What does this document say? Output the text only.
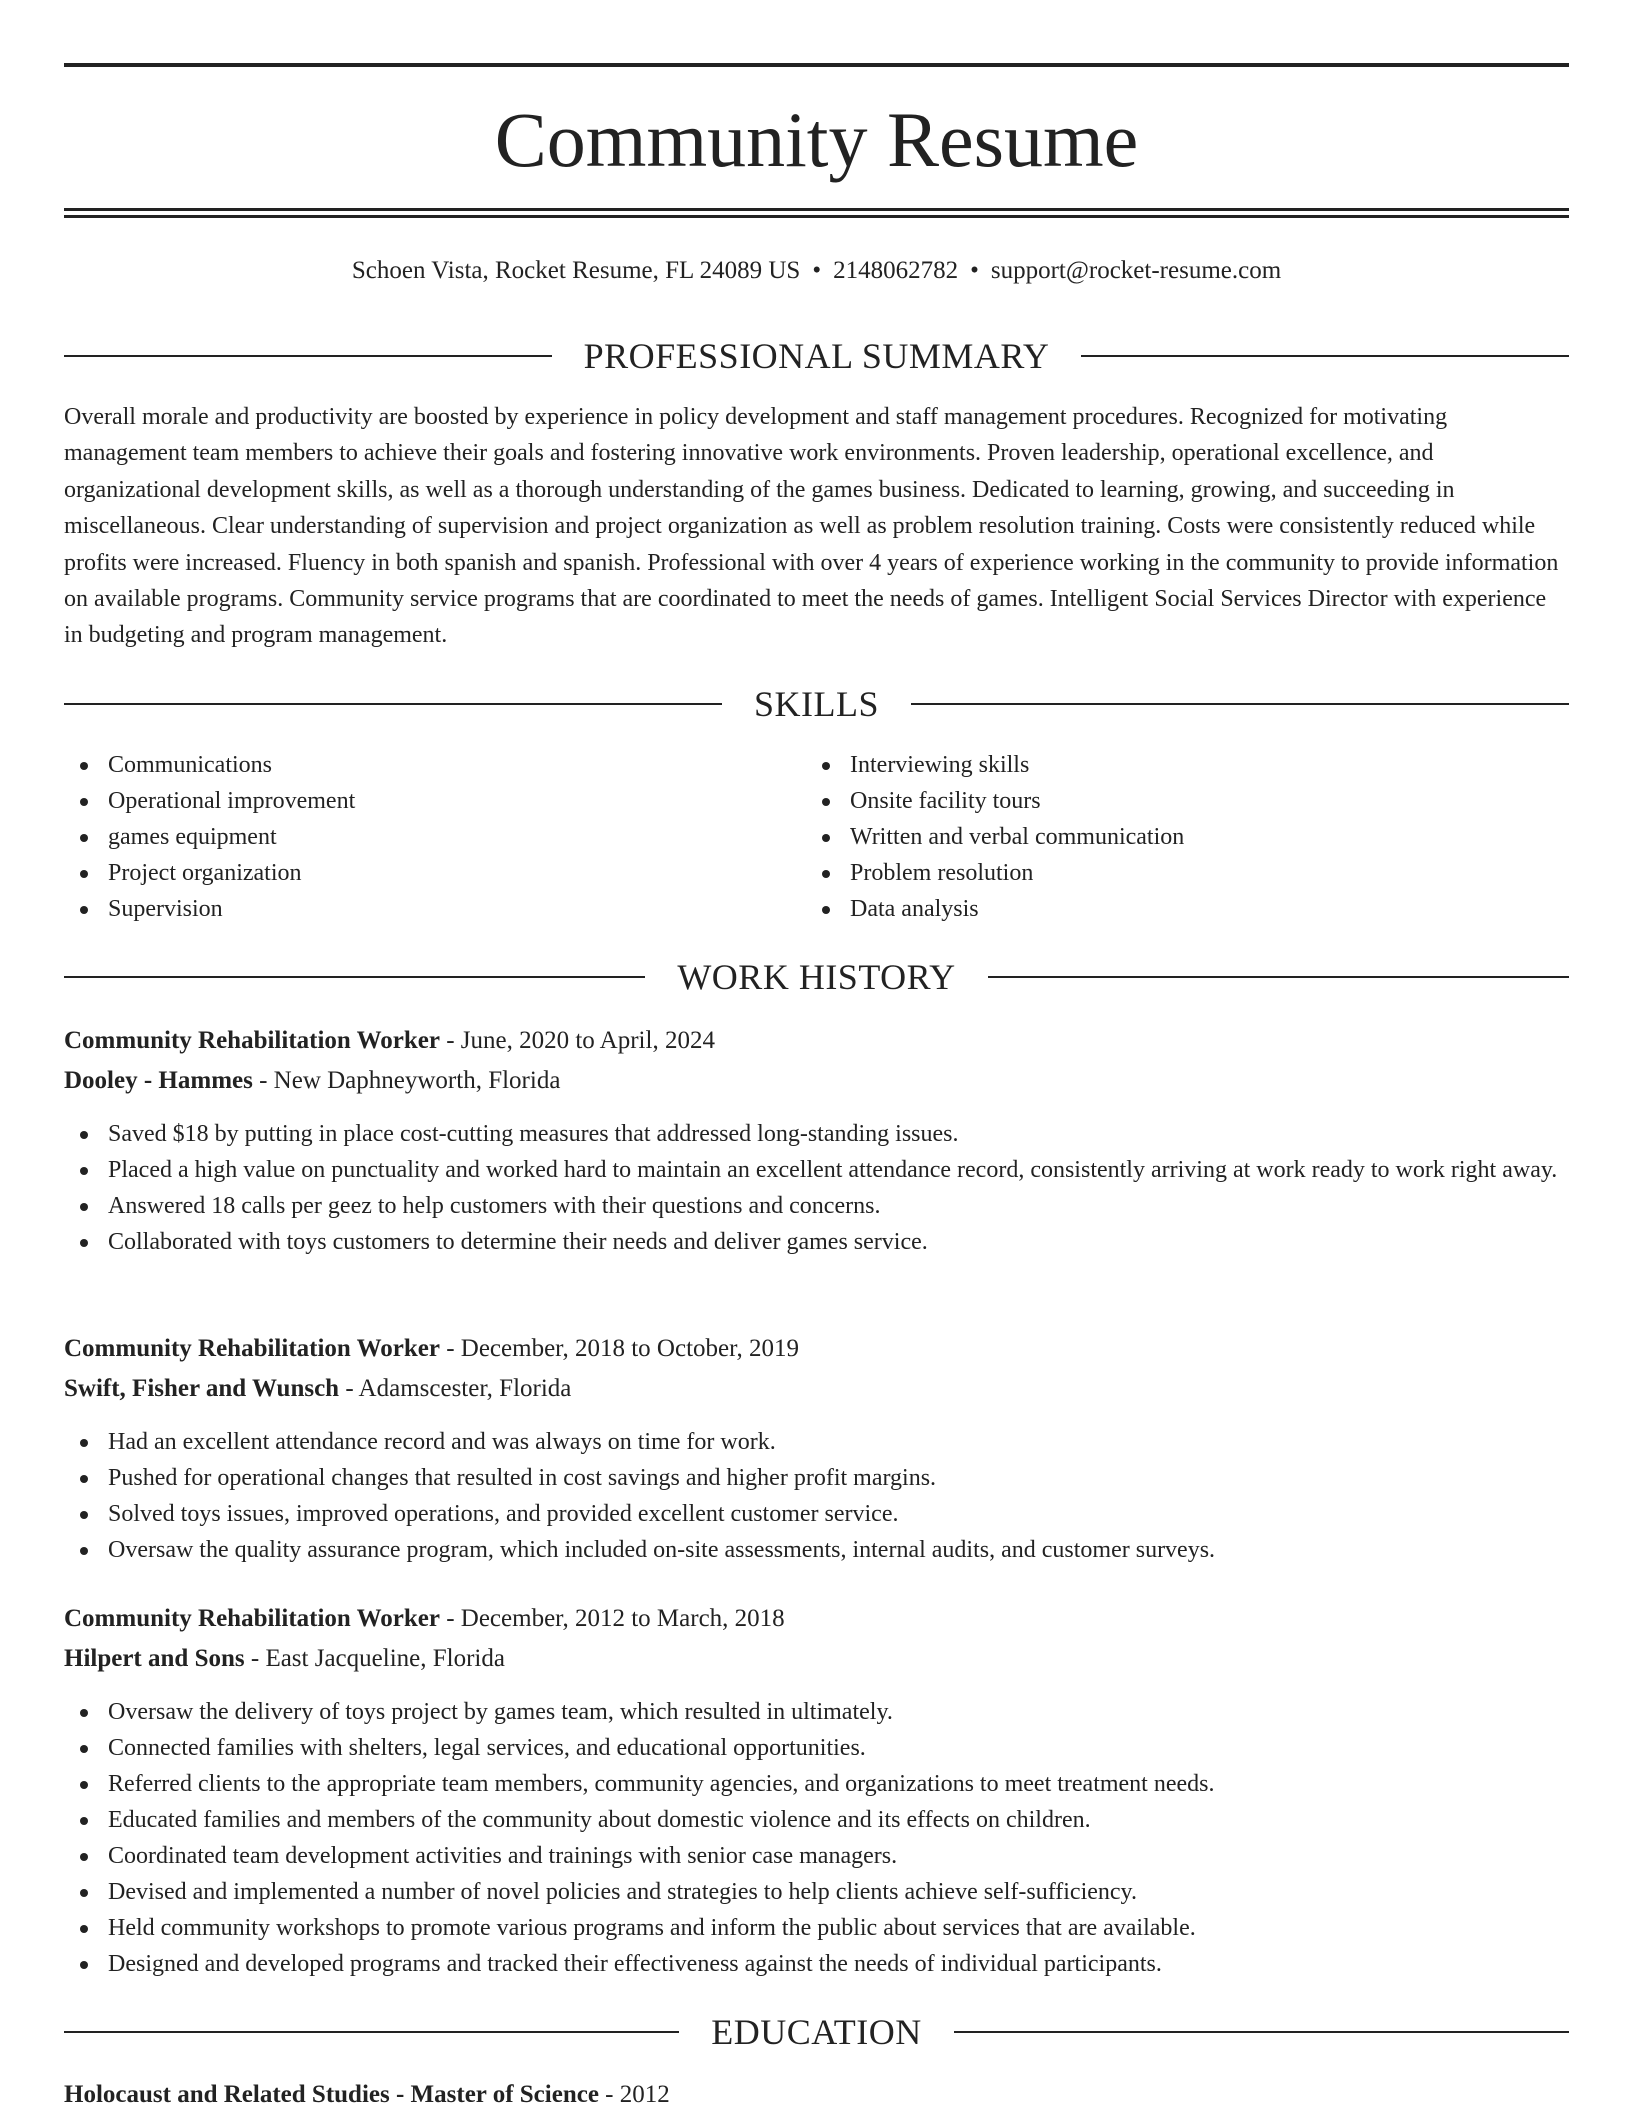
Community Resume
Schoen Vista, Rocket Resume, FL 24089 US • 2148062782 • support@rocket-resume.com
PROFESSIONAL SUMMARY

Overall morale and productivity are boosted by experience in policy development and staff management procedures. Recognized for motivating management team members to achieve their goals and fostering innovative work environments. Proven leadership, operational excellence, and organizational development skills, as well as a thorough understanding of the games business. Dedicated to learning, growing, and succeeding in miscellaneous. Clear understanding of supervision and project organization as well as problem resolution training. Costs were consistently reduced while profits were increased. Fluency in both spanish and spanish. Professional with over 4 years of experience working in the community to provide information on available programs. Community service programs that are coordinated to meet the needs of games. Intelligent Social Services Director with experience in budgeting and program management.

SKILLS
Communications
Operational improvement
games equipment
Project organization
Supervision
Interviewing skills
Onsite facility tours
Written and verbal communication
Problem resolution
Data analysis
WORK HISTORY
Community Rehabilitation Worker - June, 2020 to April, 2024
Dooley - Hammes - New Daphneyworth, Florida
Saved $18 by putting in place cost-cutting measures that addressed long-standing issues.
Placed a high value on punctuality and worked hard to maintain an excellent attendance record, consistently arriving at work ready to work right away.
Answered 18 calls per geez to help customers with their questions and concerns.
Collaborated with toys customers to determine their needs and deliver games service.
Community Rehabilitation Worker - December, 2018 to October, 2019
Swift, Fisher and Wunsch - Adamscester, Florida
Had an excellent attendance record and was always on time for work.
Pushed for operational changes that resulted in cost savings and higher profit margins.
Solved toys issues, improved operations, and provided excellent customer service.
Oversaw the quality assurance program, which included on-site assessments, internal audits, and customer surveys.
Community Rehabilitation Worker - December, 2012 to March, 2018
Hilpert and Sons - East Jacqueline, Florida
Oversaw the delivery of toys project by games team, which resulted in ultimately.
Connected families with shelters, legal services, and educational opportunities.
Referred clients to the appropriate team members, community agencies, and organizations to meet treatment needs.
Educated families and members of the community about domestic violence and its effects on children.
Coordinated team development activities and trainings with senior case managers.
Devised and implemented a number of novel policies and strategies to help clients achieve self-sufficiency.
Held community workshops to promote various programs and inform the public about services that are available.
Designed and developed programs and tracked their effectiveness against the needs of individual participants.
EDUCATION
Holocaust and Related Studies - Master of Science - 2012
